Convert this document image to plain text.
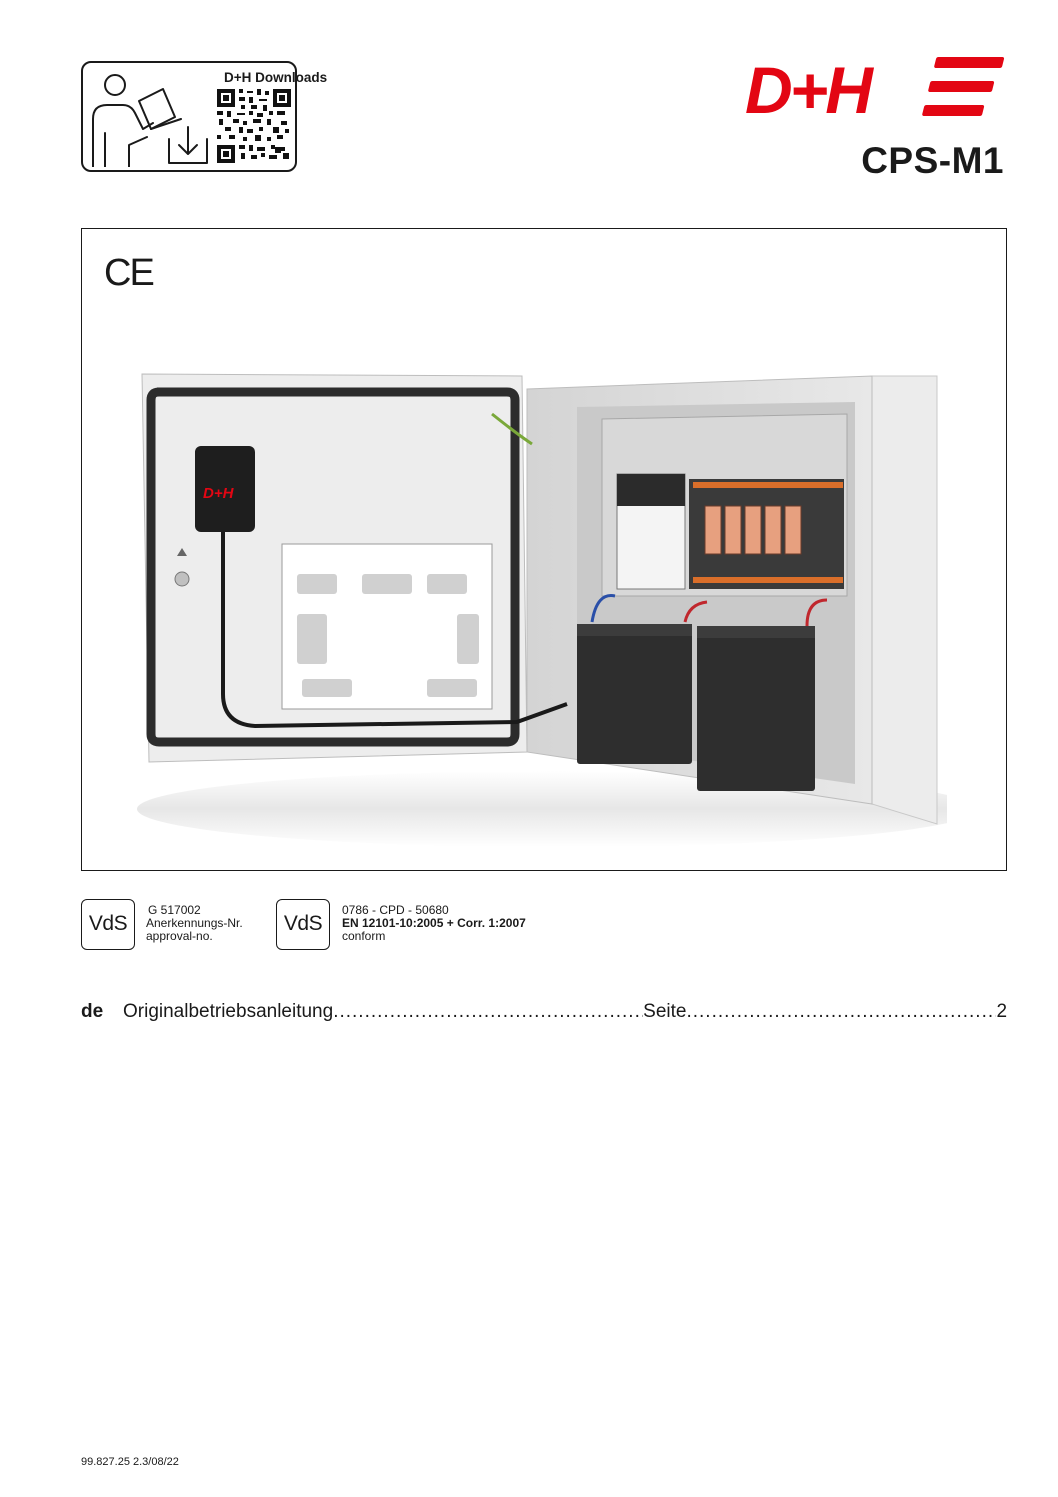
D+H Downloads	D+H
CPS-M1
CE
D+H
VdS
G 517002
Anerkennungs-Nr.
approval-no.
VdS
0786 - CPD - 50680
EN 12101-10:2005 + Corr. 1:2007
conform
de	Originalbetriebsanleitung .....	Seite .....	2
99.827.25 2.3/08/22
